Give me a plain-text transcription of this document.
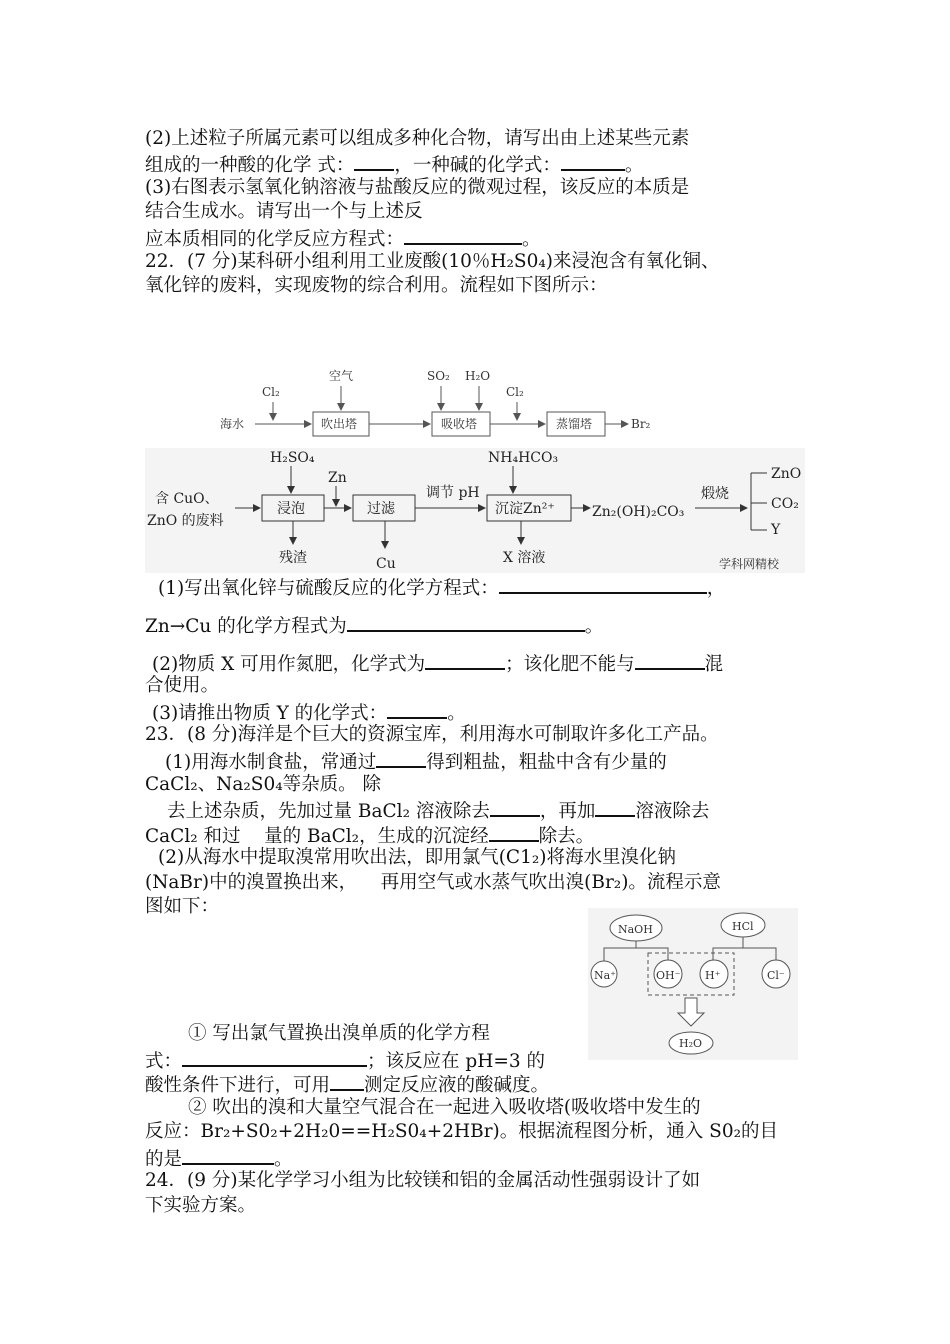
(2)上述粒子所属元素可以组成多种化合物，请写出由上述某些元素
组成的一种酸的化学 式： ，一种碱的化学式：	。
(3)右图表示氢氧化钠溶液与盐酸反应的微观过程，该反应的本质是
结合生成水。请写出一个与上述反
应本质相同的化学反应方程式：	。
22．(7 分)某科研小组利用工业废酸(10％H₂S0₄)来浸泡含有氧化铜、
氧化锌的废料，实现废物的综合利用。流程如下图所示：
Cl₂
空气	SO₂ H₂O
Cl₂
海水	Br₂
吹出塔	吸收塔	蒸馏塔
含 CuO、
ZnO 的废料
H₂SO₄
Zn
调节 pH
NH₄HCO₃
煅烧
Zn₂(OH)₂CO₃
残渣	Cu	X 溶液
ZnO
CO₂
Y
学科网精校
浸泡	过滤	沉淀Zn²⁺
(1)写出氧化锌与硫酸反应的化学方程式：	，
Zn→Cu 的化学方程式为	。
(2)物质 X 可用作氮肥，化学式为	；该化肥不能与	混
合使用。
(3)请推出物质 Y 的化学式：	。
23．(8 分)海洋是个巨大的资源宝库，利用海水可制取许多化工产品。
(1)用海水制食盐，常通过	得到粗盐，粗盐中含有少量的
CaCl₂、Na₂S0₄等杂质。 除
去上述杂质，先加过量 BaCl₂ 溶液除去	，再加 溶液除去
CaCl₂ 和过 量的 BaCl₂，生成的沉淀经	除去。
(2)从海水中提取溴常用吹出法，即用氯气(C1₂)将海水里溴化钠
(NaBr)中的溴置换出来， 再用空气或水蒸气吹出溴(Br₂)。流程示意
图如下：
NaOH	HCl
Na⁺	OH⁻ H⁺	Cl⁻
H₂O
① 写出氯气置换出溴单质的化学方程
式：	；该反应在 pH=3 的
酸性条件下进行，可用 测定反应液的酸碱度。
② 吹出的溴和大量空气混合在一起进入吸收塔(吸收塔中发生的
反应：Br₂+S0₂+2H₂0==H₂S0₄+2HBr)。根据流程图分析，通入 S0₂的目
的是	。
24．(9 分)某化学学习小组为比较镁和铝的金属活动性强弱设计了如
下实验方案。
